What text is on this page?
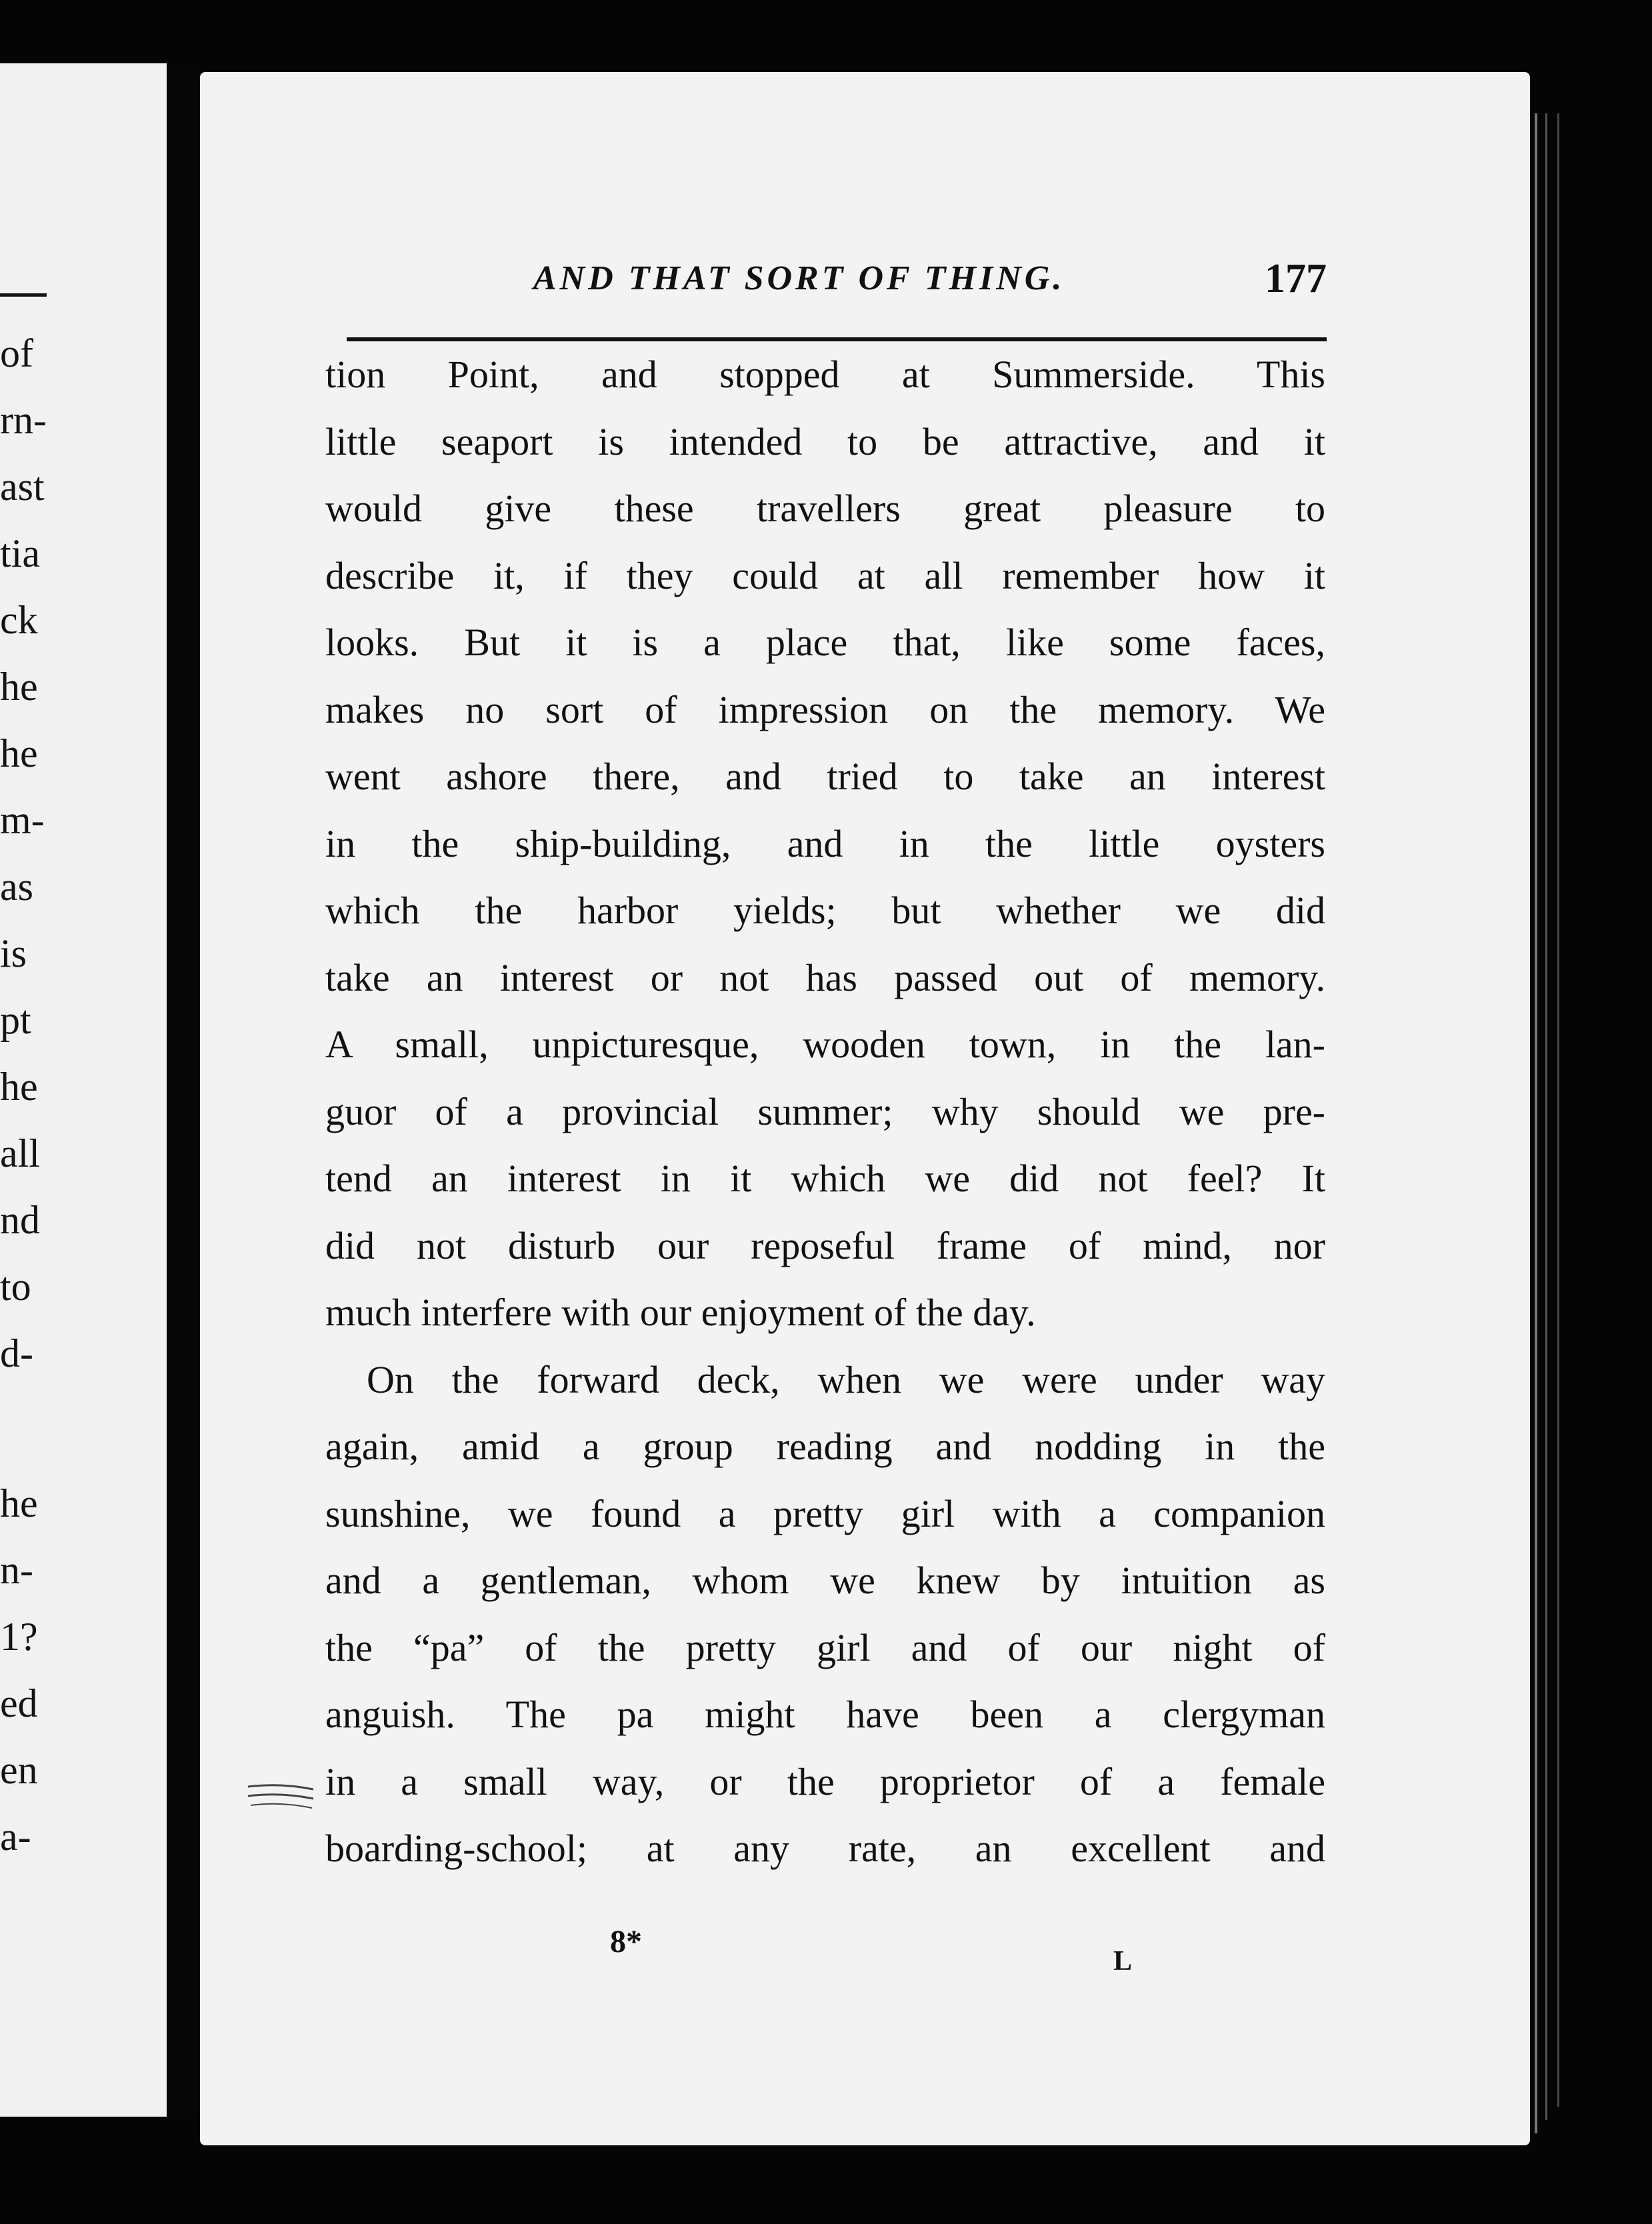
of
rn-
ast
tia
ck
he
he
m-
as
is
pt
he
all
nd
to
d-
he
n-
1?
ed
en
a-
AND THAT SORT OF THING.	177
tion Point, and stopped at Summerside. This
little seaport is intended to be attractive, and it
would give these travellers great pleasure to
describe it, if they could at all remember how it
looks. But it is a place that, like some faces,
makes no sort of impression on the memory. We
went ashore there, and tried to take an interest
in the ship-building, and in the little oysters
which the harbor yields; but whether we did
take an interest or not has passed out of memory.
A small, unpicturesque, wooden town, in the lan-
guor of a provincial summer; why should we pre-
tend an interest in it which we did not feel? It
did not disturb our reposeful frame of mind, nor
much interfere with our enjoyment of the day.
On the forward deck, when we were under way
again, amid a group reading and nodding in the
sunshine, we found a pretty girl with a companion
and a gentleman, whom we knew by intuition as
the “pa” of the pretty girl and of our night of
anguish. The pa might have been a clergyman
in a small way, or the proprietor of a female
boarding-school; at any rate, an excellent and
8*
L
